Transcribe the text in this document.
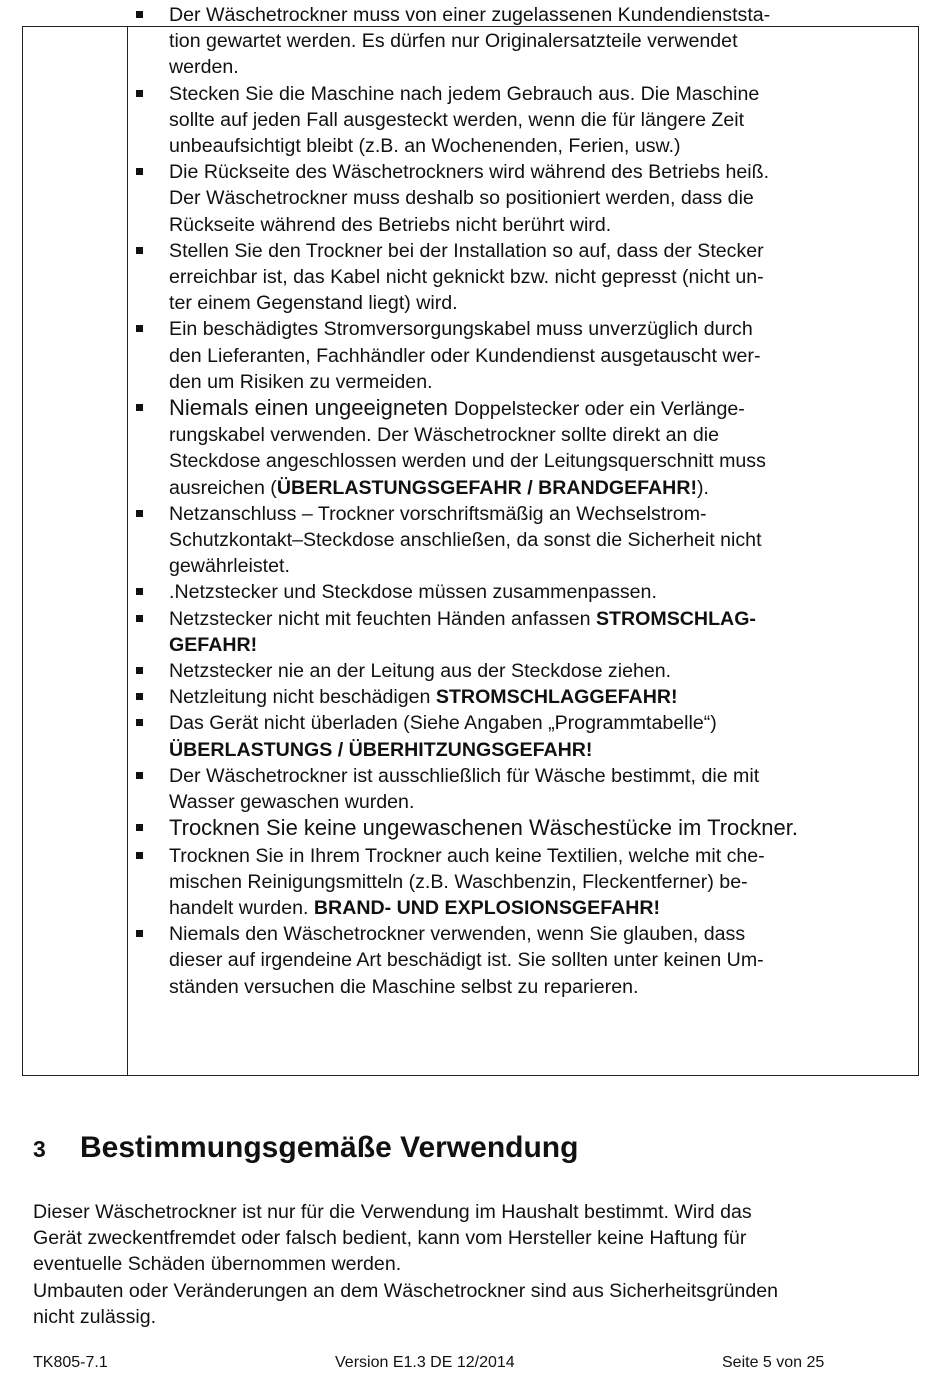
Der Wäschetrockner muss von einer zugelassenen Kundendienststa-
tion gewartet werden. Es dürfen nur Originalersatzteile verwendet
werden.
Stecken Sie die Maschine nach jedem Gebrauch aus. Die Maschine
sollte auf jeden Fall ausgesteckt werden, wenn die für längere Zeit
unbeaufsichtigt bleibt (z.B. an Wochenenden, Ferien, usw.)
Die Rückseite des Wäschetrockners wird während des Betriebs heiß.
Der Wäschetrockner muss deshalb so positioniert werden, dass die
Rückseite während des Betriebs nicht berührt wird.
Stellen Sie den Trockner bei der Installation so auf, dass der Stecker
erreichbar ist, das Kabel nicht geknickt bzw. nicht gepresst (nicht un-
ter einem Gegenstand liegt) wird.
Ein beschädigtes Stromversorgungskabel muss unverzüglich durch
den Lieferanten, Fachhändler oder Kundendienst ausgetauscht wer-
den um Risiken zu vermeiden.
Niemals einen ungeeigneten Doppelstecker oder ein Verlänge-
rungskabel verwenden. Der Wäschetrockner sollte direkt an die
Steckdose angeschlossen werden und der Leitungsquerschnitt muss
ausreichen (ÜBERLASTUNGSGEFAHR / BRANDGEFAHR!).
Netzanschluss – Trockner vorschriftsmäßig an Wechselstrom-
Schutzkontakt–Steckdose anschließen, da sonst die Sicherheit nicht
gewährleistet.
.Netzstecker und Steckdose müssen zusammenpassen.
Netzstecker nicht mit feuchten Händen anfassen STROMSCHLAG-
GEFAHR!
Netzstecker nie an der Leitung aus der Steckdose ziehen.
Netzleitung nicht beschädigen STROMSCHLAGGEFAHR!
Das Gerät nicht überladen (Siehe Angaben „Programmtabelle“)
ÜBERLASTUNGS / ÜBERHITZUNGSGEFAHR!
Der Wäschetrockner ist ausschließlich für Wäsche bestimmt, die mit
Wasser gewaschen wurden.
Trocknen Sie keine ungewaschenen Wäschestücke im Trockner.
Trocknen Sie in Ihrem Trockner auch keine Textilien, welche mit che-
mischen Reinigungsmitteln (z.B. Waschbenzin, Fleckentferner) be-
handelt wurden. BRAND- UND EXPLOSIONSGEFAHR!
Niemals den Wäschetrockner verwenden, wenn Sie glauben, dass
dieser auf irgendeine Art beschädigt ist. Sie sollten unter keinen Um-
ständen versuchen die Maschine selbst zu reparieren.
3 Bestimmungsgemäße Verwendung

Dieser Wäschetrockner ist nur für die Verwendung im Haushalt bestimmt. Wird das
Gerät zweckentfremdet oder falsch bedient, kann vom Hersteller keine Haftung für
eventuelle Schäden übernommen werden.

Umbauten oder Veränderungen an dem Wäschetrockner sind aus Sicherheitsgründen
nicht zulässig.

TK805-7.1	Version E1.3 DE 12/2014	Seite 5 von 25
